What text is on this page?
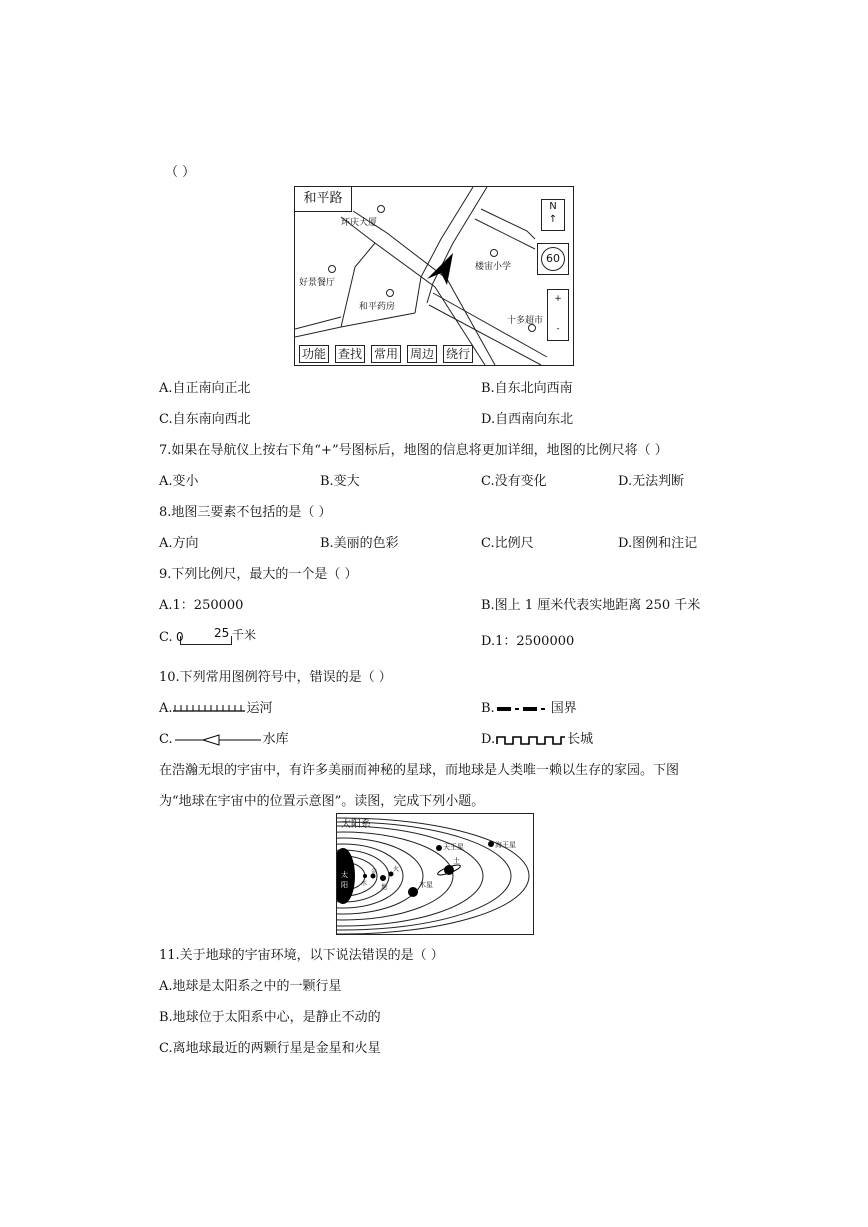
（ ）
和平路
环庆大厦
好景餐厅
和平药房
楼宙小学
十多超市
N
↑
60
+
-
功能 查找 常用 周边 绕行
A.自正南向正北	B.自东北向西南
C.自东南向西北	D.自西南向东北
7.如果在导航仪上按右下角“+”号图标后，地图的信息将更加详细，地图的比例尺将（ ）
A.变小	B.变大	C.没有变化	D.无法判断
8.地图三要素不包括的是（ ）
A.方向	B.美丽的色彩	C.比例尺	D.图例和注记
9.下列比例尺，最大的一个是（ ）
A.1：250000	B.图上 1 厘米代表实地距离 250 千米
C. 0	25 千米	D.1：2500000
10.下列常用图例符号中，错误的是（ ）
A.	运河	B.	国界
C.	水库	D.	长城
在浩瀚无垠的宇宙中，有许多美丽而神秘的星球，而地球是人类唯一赖以生存的家园。下图
为“地球在宇宙中的位置示意图”。读图，完成下列小题。
太阳系
太
阳 水
金
地
火
木星
土
天王星	海王星
11.关于地球的宇宙环境，以下说法错误的是（ ）
A.地球是太阳系之中的一颗行星
B.地球位于太阳系中心，是静止不动的
C.离地球最近的两颗行星是金星和火星
